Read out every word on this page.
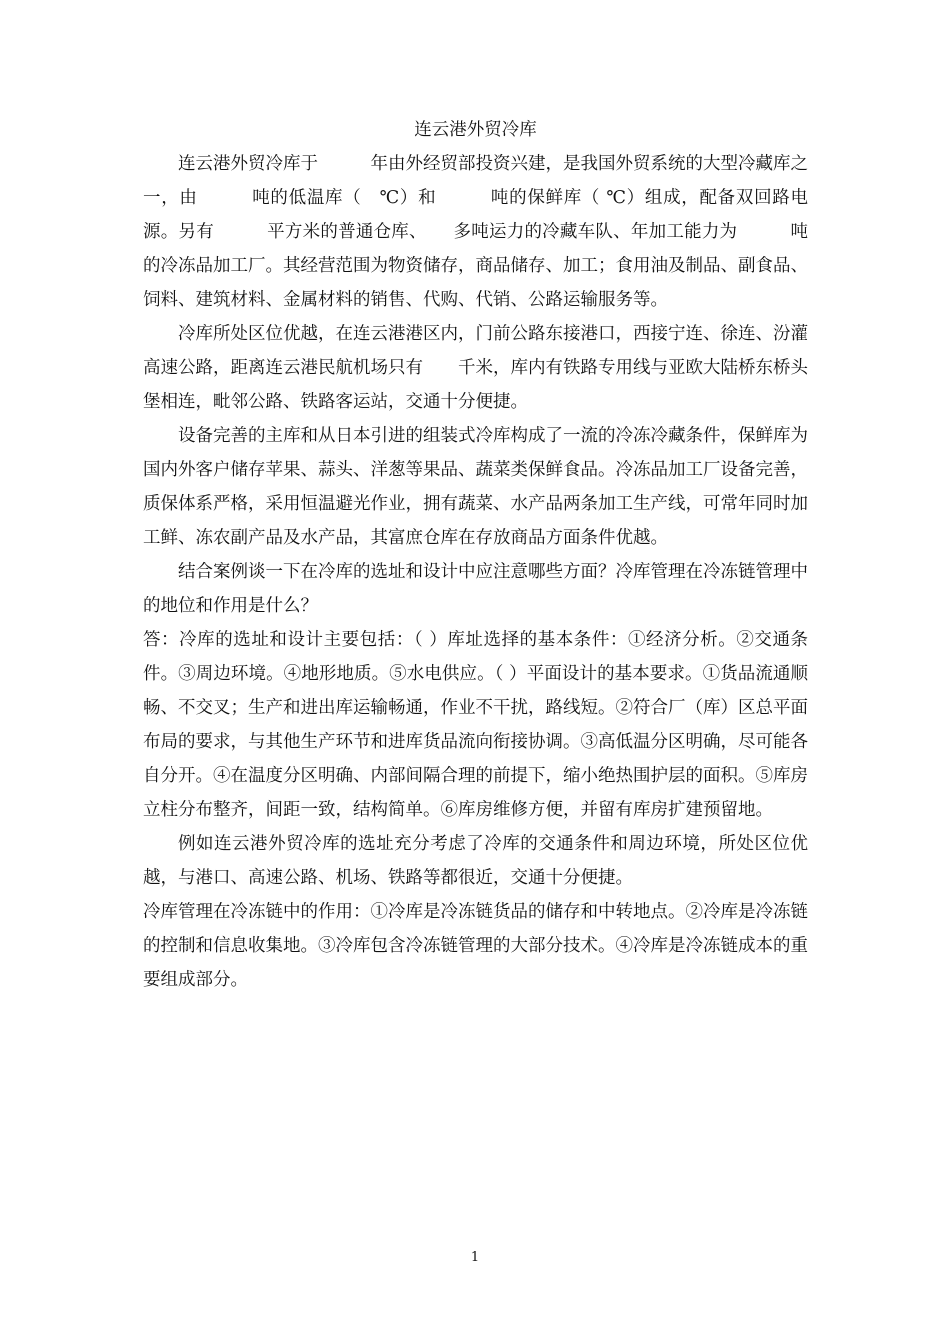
连云港外贸冷库

连云港外贸冷库于　　　年由外经贸部投资兴建，是我国外贸系统的大型冷藏库之一，由　　　吨的低温库（　℃）和　　　吨的保鲜库（ ℃）组成，配备双回路电源。另有　　　平方米的普通仓库、　　多吨运力的冷藏车队、年加工能力为　　　吨的冷冻品加工厂。其经营范围为物资储存，商品储存、加工；食用油及制品、副食品、饲料、建筑材料、金属材料的销售、代购、代销、公路运输服务等。

冷库所处区位优越，在连云港港区内，门前公路东接港口，西接宁连、徐连、汾灌高速公路，距离连云港民航机场只有　　千米，库内有铁路专用线与亚欧大陆桥东桥头堡相连，毗邻公路、铁路客运站，交通十分便捷。

设备完善的主库和从日本引进的组装式冷库构成了一流的冷冻冷藏条件，保鲜库为国内外客户储存苹果、蒜头、洋葱等果品、蔬菜类保鲜食品。冷冻品加工厂设备完善，质保体系严格，采用恒温避光作业，拥有蔬菜、水产品两条加工生产线，可常年同时加工鲜、冻农副产品及水产品，其富庶仓库在存放商品方面条件优越。

结合案例谈一下在冷库的选址和设计中应注意哪些方面？冷库管理在冷冻链管理中的地位和作用是什么？

答：冷库的选址和设计主要包括：（ ）库址选择的基本条件：①经济分析。②交通条件。③周边环境。④地形地质。⑤水电供应。（ ）平面设计的基本要求。①货品流通顺畅、不交叉；生产和进出库运输畅通，作业不干扰，路线短。②符合厂（库）区总平面布局的要求，与其他生产环节和进库货品流向衔接协调。③高低温分区明确，尽可能各自分开。④在温度分区明确、内部间隔合理的前提下，缩小绝热围护层的面积。⑤库房立柱分布整齐，间距一致，结构简单。⑥库房维修方便，并留有库房扩建预留地。

例如连云港外贸冷库的选址充分考虑了冷库的交通条件和周边环境，所处区位优越，与港口、高速公路、机场、铁路等都很近，交通十分便捷。

冷库管理在冷冻链中的作用：①冷库是冷冻链货品的储存和中转地点。②冷库是冷冻链的控制和信息收集地。③冷库包含冷冻链管理的大部分技术。④冷库是冷冻链成本的重要组成部分。

1
